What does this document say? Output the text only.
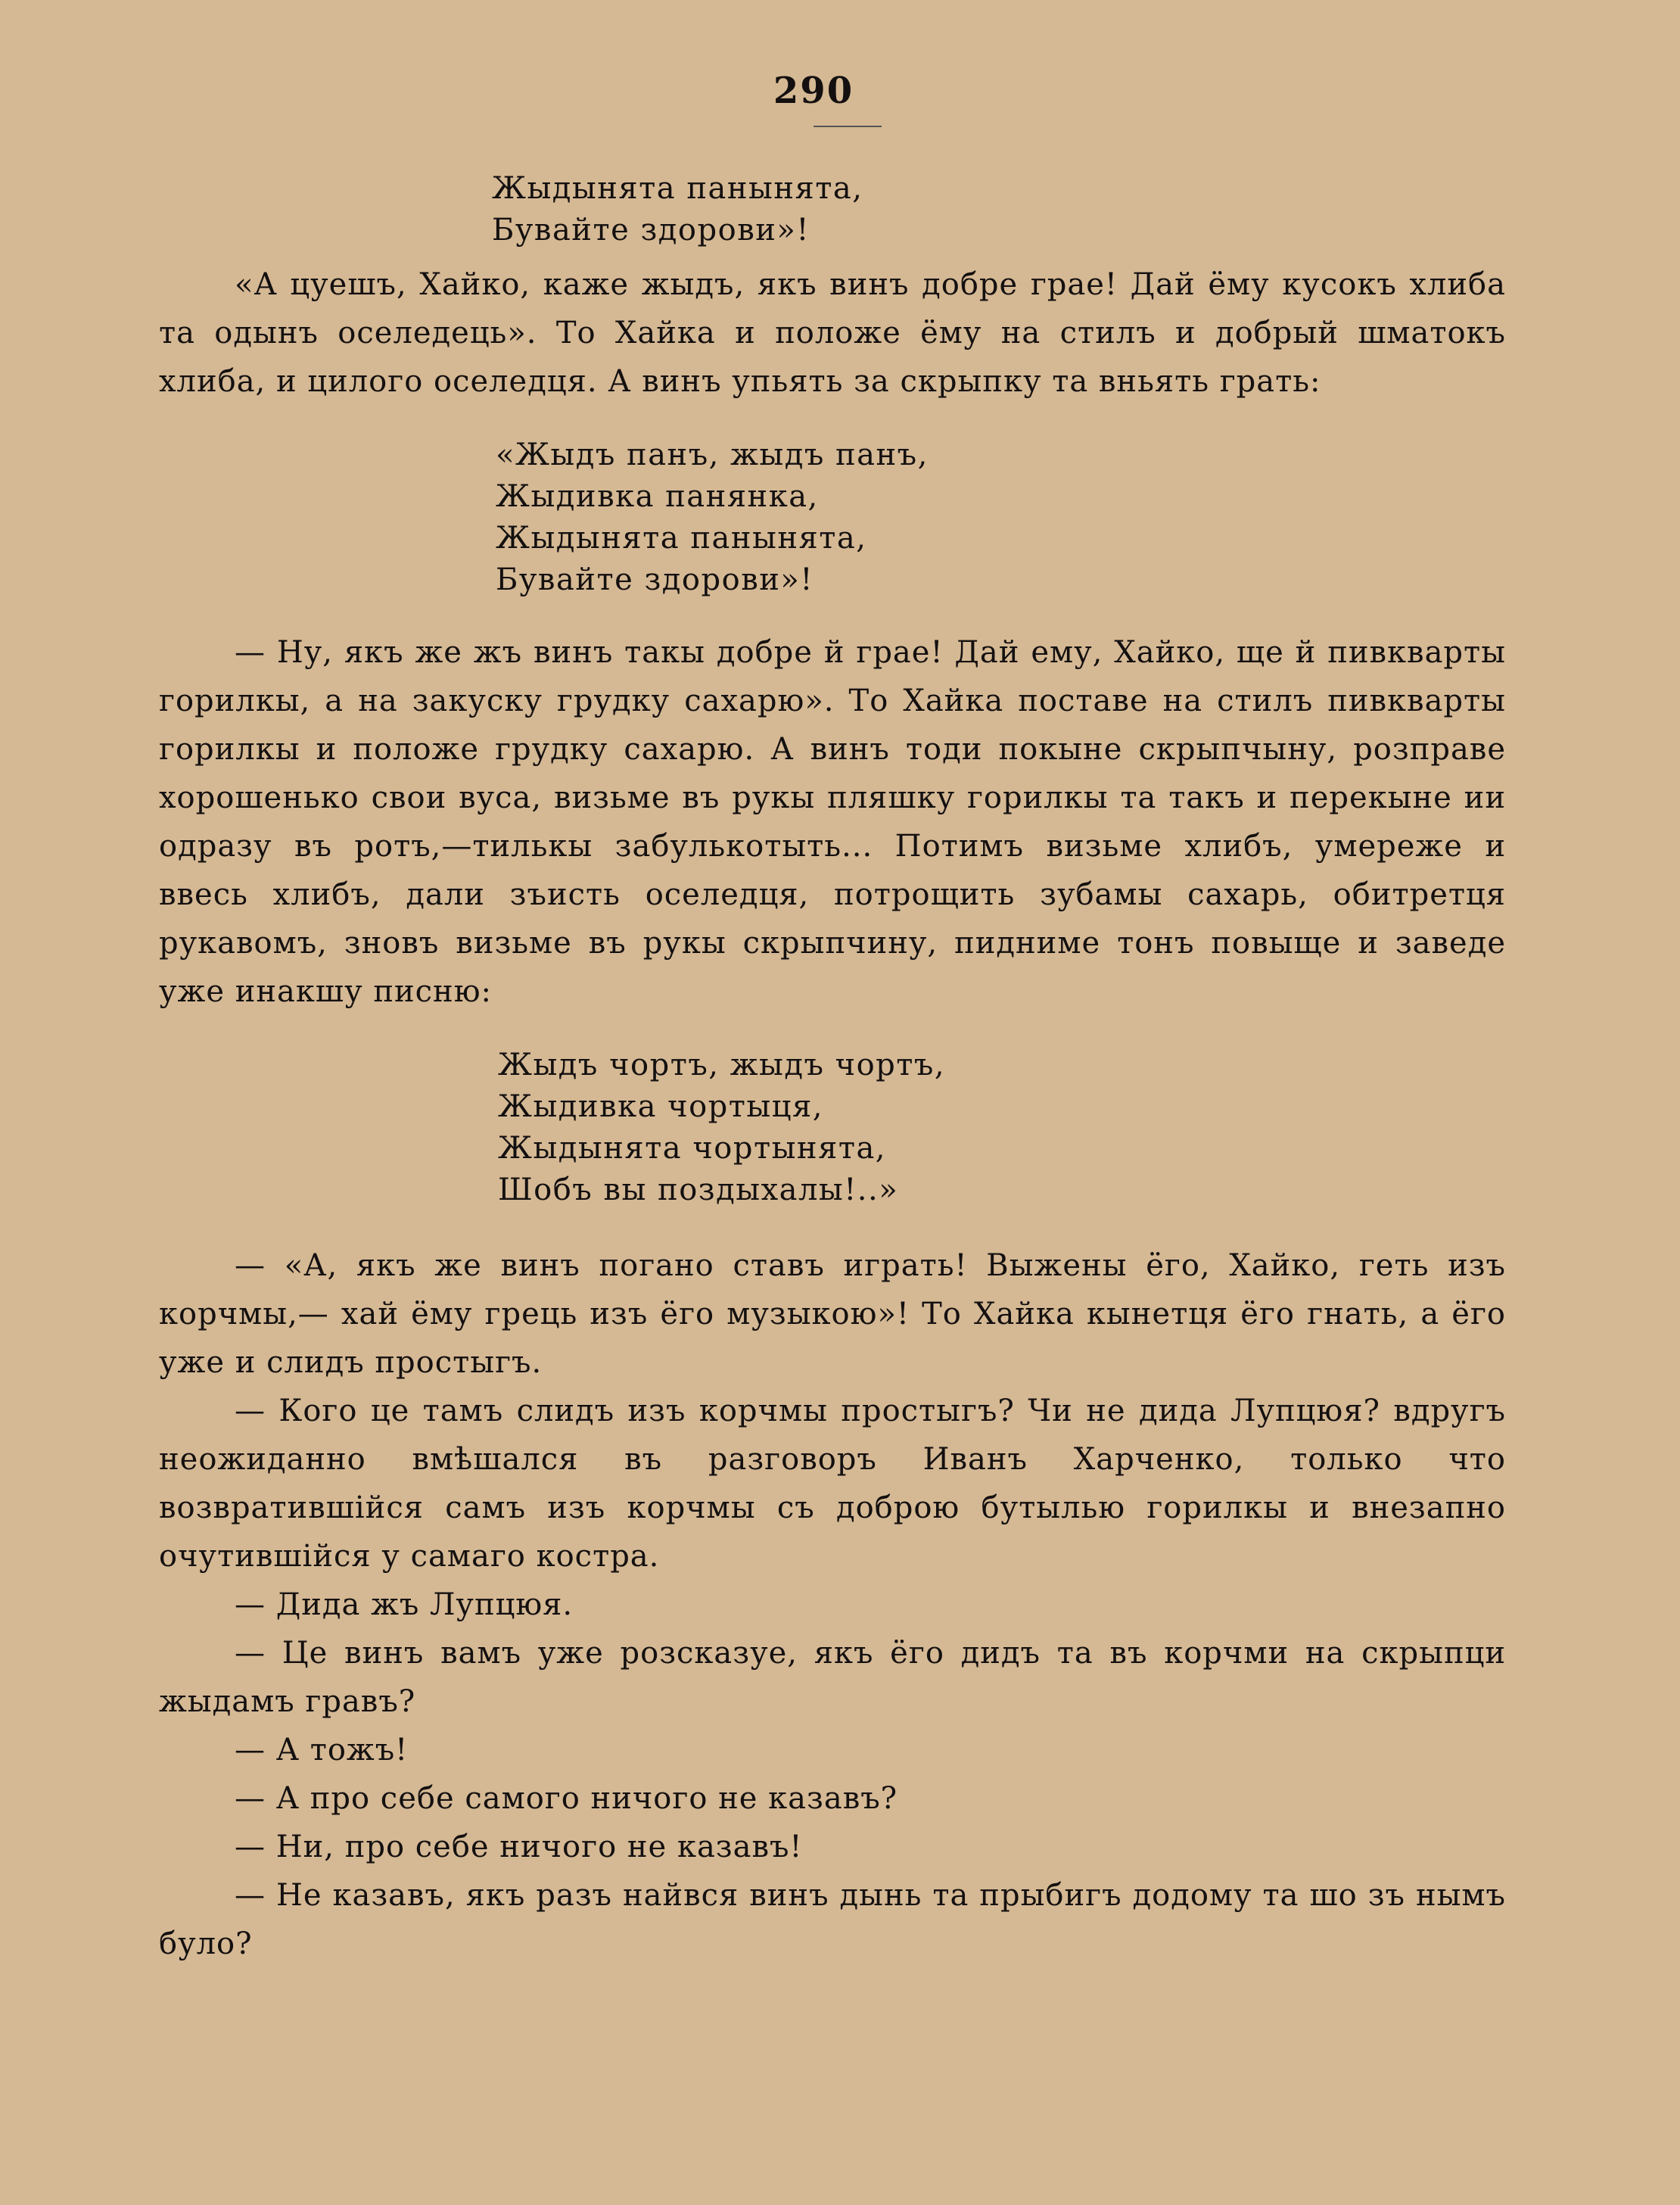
290
Жыдынята панынята,
Бувайте здорови»!

«А цуешъ, Хайко, каже жыдъ, якъ винъ добре грае! Дай ёму кусокъ хлиба та одынъ оселедець». То Хайка и положе ёму на стилъ и добрый шматокъ хлиба, и цилого оселедця. А винъ упьять за скрыпку та вньять грать:

«Жыдъ панъ, жыдъ панъ,
Жыдивка панянка,
Жыдынята панынята,
Бувайте здорови»!

— Ну, якъ же жъ винъ такы добре й грае! Дай ему, Хайко, ще й пивкварты горилкы, а на закуску грудку сахарю». То Хайка поставе на стилъ пивкварты горилкы и положе грудку сахарю. А винъ тоди покыне скрыпчыну, розправе хорошенько свои вуса, визьме въ рукы пляшку горилкы та такъ и перекыне ии одразу въ ротъ,—тилькы забулькотыть... Потимъ визьме хлибъ, умереже и ввесь хлибъ, дали зъисть оселедця, потрощить зубамы сахарь, обитретця рукавомъ, зновъ визьме въ рукы скрыпчину, пидниме тонъ повыще и заведе уже инакшу писню:

Жыдъ чортъ, жыдъ чортъ,
Жыдивка чортыця,
Жыдынята чортынята,
Шобъ вы поздыхалы!..»

— «А, якъ же винъ погано ставъ играть! Выжены ёго, Хайко, геть изъ корчмы,— хай ёму грець изъ ёго музыкою»! То Хайка кынетця ёго гнать, а ёго уже и слидъ простыгъ.

— Кого це тамъ слидъ изъ корчмы простыгъ? Чи не дида Лупцюя? вдругъ неожиданно вмѣшался въ разговоръ Иванъ Харченко, только что возвратившійся самъ изъ корчмы съ доброю бутылью горилкы и внезапно очутившійся у самаго костра.

— Дида жъ Лупцюя.

— Це винъ вамъ уже розсказуе, якъ ёго дидъ та въ корчми на скрыпци жыдамъ гравъ?

— А тожъ!

— А про себе самого ничого не казавъ?

— Ни, про себе ничого не казавъ!

— Не казавъ, якъ разъ найвся винъ дынь та прыбигъ додому та шо зъ нымъ було?
